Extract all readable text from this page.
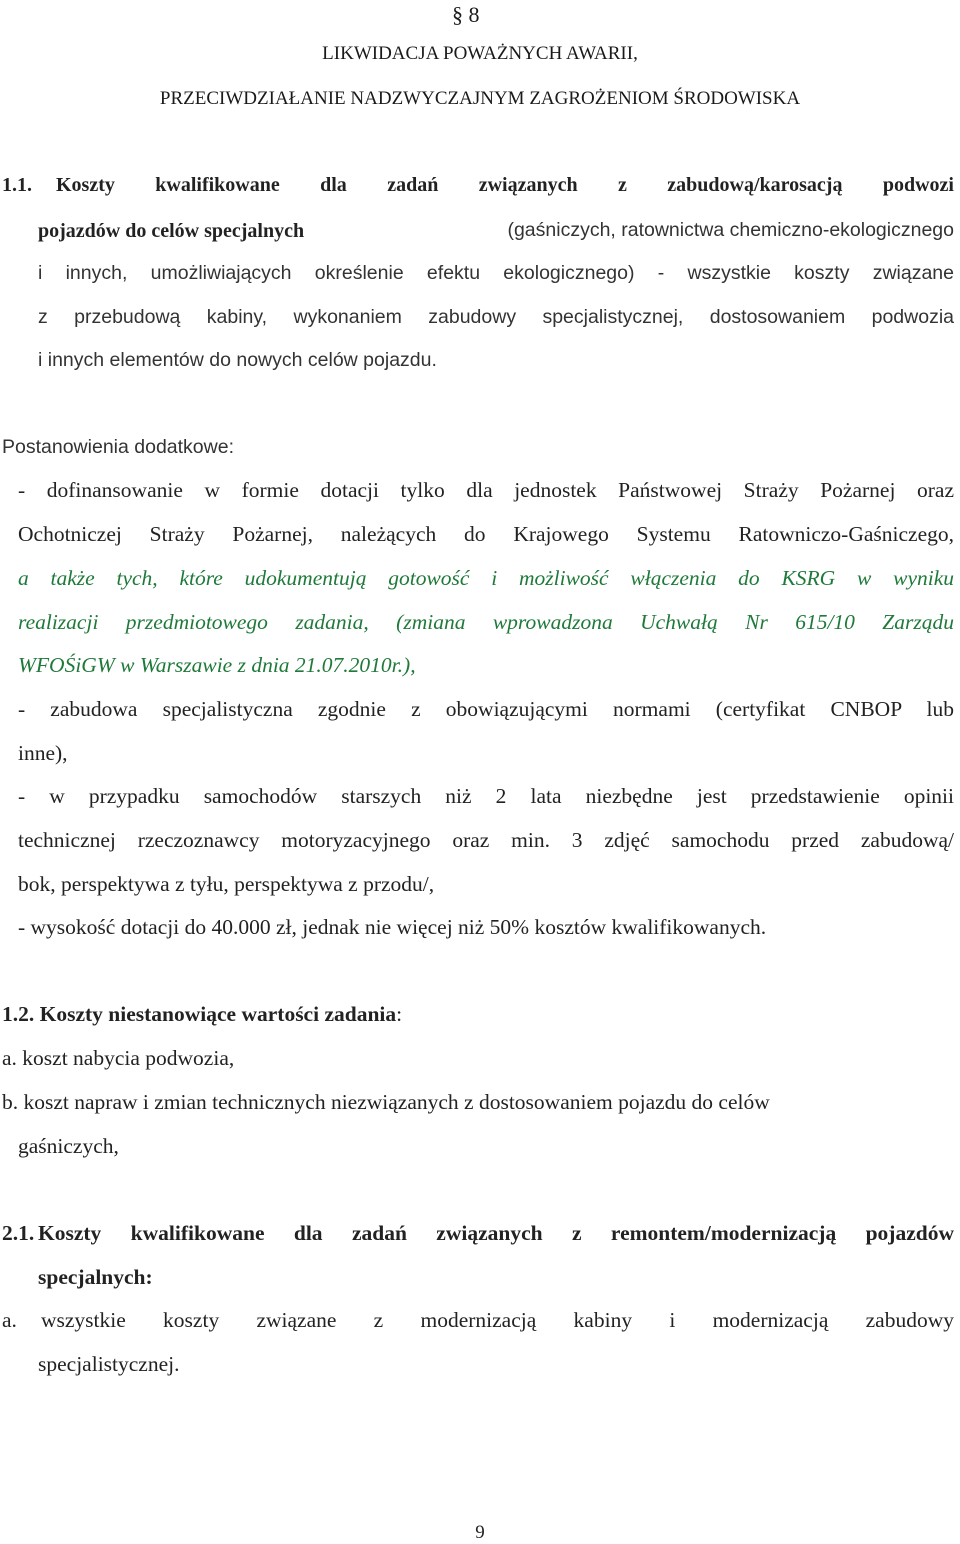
§ 8
LIKWIDACJA POWAŻNYCH AWARII,
PRZECIWDZIAŁANIE NADZWYCZAJNYM ZAGROŻENIOM ŚRODOWISKA
1.1. Koszty kwalifikowane dla zadań związanych z zabudową/karosacją podwozi
pojazdów do celów specjalnych	(gaśniczych, ratownictwa chemiczno-ekologicznego
i innych, umożliwiających określenie efektu ekologicznego) - wszystkie koszty związane
z przebudową kabiny, wykonaniem zabudowy specjalistycznej, dostosowaniem podwozia
i innych elementów do nowych celów pojazdu.
Postanowienia dodatkowe:
- dofinansowanie w formie dotacji tylko dla jednostek Państwowej Straży Pożarnej oraz
Ochotniczej Straży Pożarnej, należących do Krajowego Systemu Ratowniczo-Gaśniczego,
a także tych, które udokumentują gotowość i możliwość włączenia do KSRG w wyniku
realizacji przedmiotowego zadania, (zmiana wprowadzona Uchwałą Nr 615/10 Zarządu
WFOŚiGW w Warszawie z dnia 21.07.2010r.),
- zabudowa specjalistyczna zgodnie z obowiązującymi normami (certyfikat CNBOP lub
inne),
- w przypadku samochodów starszych niż 2 lata niezbędne jest przedstawienie opinii
technicznej rzeczoznawcy motoryzacyjnego oraz min. 3 zdjęć samochodu przed zabudową/
bok, perspektywa z tyłu, perspektywa z przodu/,
- wysokość dotacji do 40.000 zł, jednak nie więcej niż 50% kosztów kwalifikowanych.
1.2. Koszty niestanowiące wartości zadania:
a. koszt nabycia podwozia,
b. koszt napraw i zmian technicznych niezwiązanych z dostosowaniem pojazdu do celów
gaśniczych,
2.1. Koszty kwalifikowane dla zadań związanych z remontem/modernizacją pojazdów
specjalnych:
a. wszystkie koszty związane z modernizacją kabiny i modernizacją zabudowy
specjalistycznej.
9
